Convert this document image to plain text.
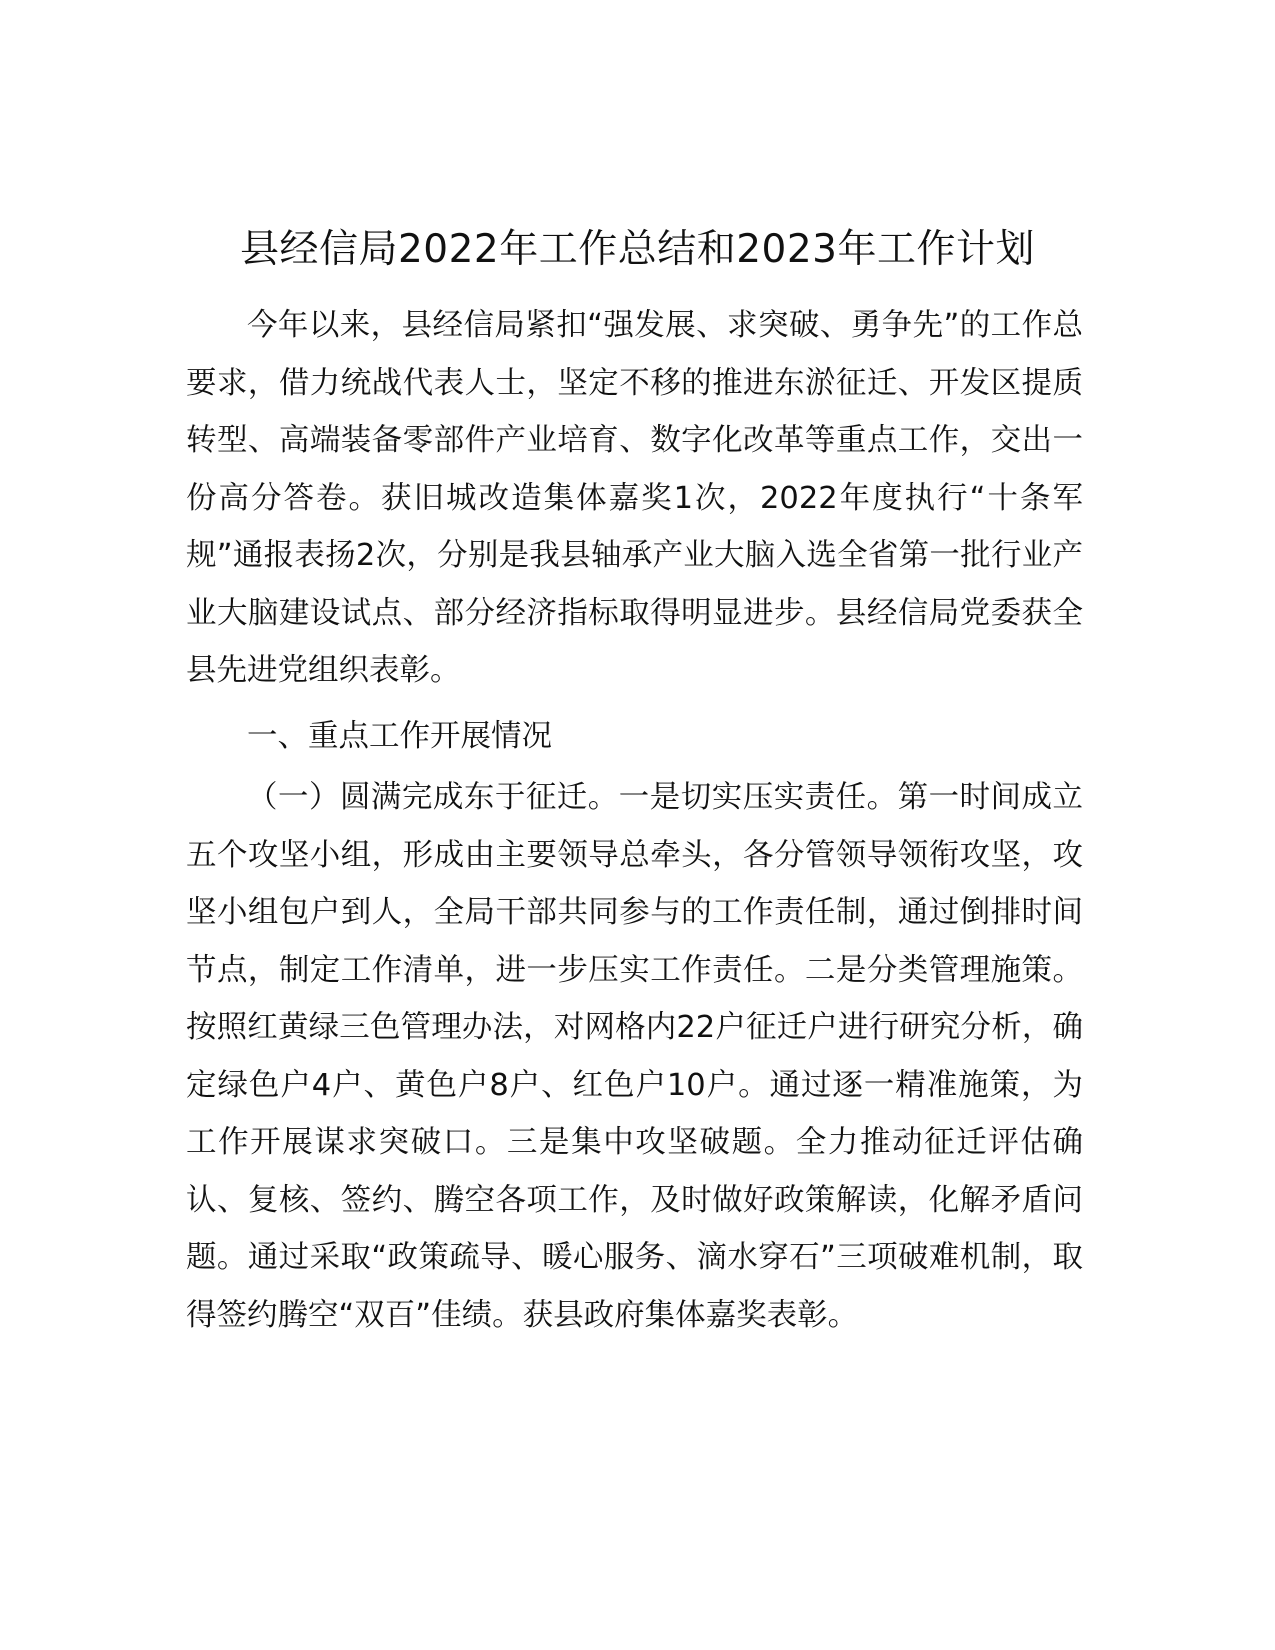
县经信局2022年工作总结和2023年工作计划

今年以来，县经信局紧扣“强发展、求突破、勇争先”的工作总要求，借力统战代表人士，坚定不移的推进东淤征迁、开发区提质转型、高端装备零部件产业培育、数字化改革等重点工作，交出一份高分答卷。获旧城改造集体嘉奖1次，2022年度执行“十条军规”通报表扬2次，分别是我县轴承产业大脑入选全省第一批行业产业大脑建设试点、部分经济指标取得明显进步。县经信局党委获全县先进党组织表彰。

一、重点工作开展情况

（一）圆满完成东于征迁。一是切实压实责任。第一时间成立五个攻坚小组，形成由主要领导总牵头，各分管领导领衔攻坚，攻坚小组包户到人，全局干部共同参与的工作责任制，通过倒排时间节点，制定工作清单，进一步压实工作责任。二是分类管理施策。按照红黄绿三色管理办法，对网格内22户征迁户进行研究分析，确定绿色户4户、黄色户8户、红色户10户。通过逐一精准施策，为工作开展谋求突破口。三是集中攻坚破题。全力推动征迁评估确认、复核、签约、腾空各项工作，及时做好政策解读，化解矛盾问题。通过采取“政策疏导、暖心服务、滴水穿石”三项破难机制，取得签约腾空“双百”佳绩。获县政府集体嘉奖表彰。
